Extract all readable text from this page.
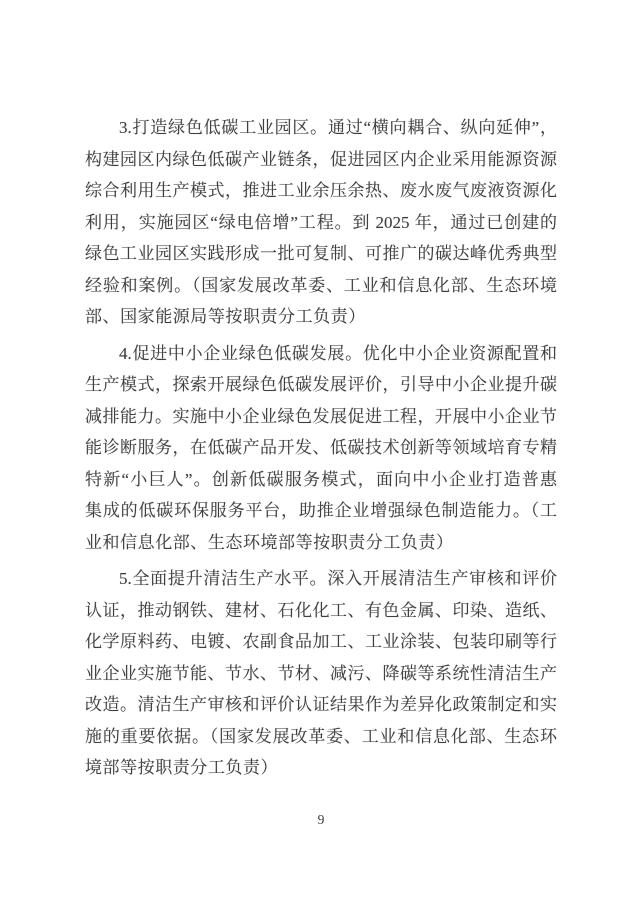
3.打造绿色低碳工业园区。通过“横向耦合、纵向延伸”，
构建园区内绿色低碳产业链条，促进园区内企业采用能源资源
综合利用生产模式，推进工业余压余热、废水废气废液资源化
利用，实施园区“绿电倍增”工程。到 2025 年，通过已创建的
绿色工业园区实践形成一批可复制、可推广的碳达峰优秀典型
经验和案例。（国家发展改革委、工业和信息化部、生态环境
部、国家能源局等按职责分工负责）
4.促进中小企业绿色低碳发展。优化中小企业资源配置和
生产模式，探索开展绿色低碳发展评价，引导中小企业提升碳
减排能力。实施中小企业绿色发展促进工程，开展中小企业节
能诊断服务，在低碳产品开发、低碳技术创新等领域培育专精
特新“小巨人”。创新低碳服务模式，面向中小企业打造普惠
集成的低碳环保服务平台，助推企业增强绿色制造能力。（工
业和信息化部、生态环境部等按职责分工负责）
5.全面提升清洁生产水平。深入开展清洁生产审核和评价
认证，推动钢铁、建材、石化化工、有色金属、印染、造纸、
化学原料药、电镀、农副食品加工、工业涂装、包装印刷等行
业企业实施节能、节水、节材、减污、降碳等系统性清洁生产
改造。清洁生产审核和评价认证结果作为差异化政策制定和实
施的重要依据。（国家发展改革委、工业和信息化部、生态环
境部等按职责分工负责）
9
